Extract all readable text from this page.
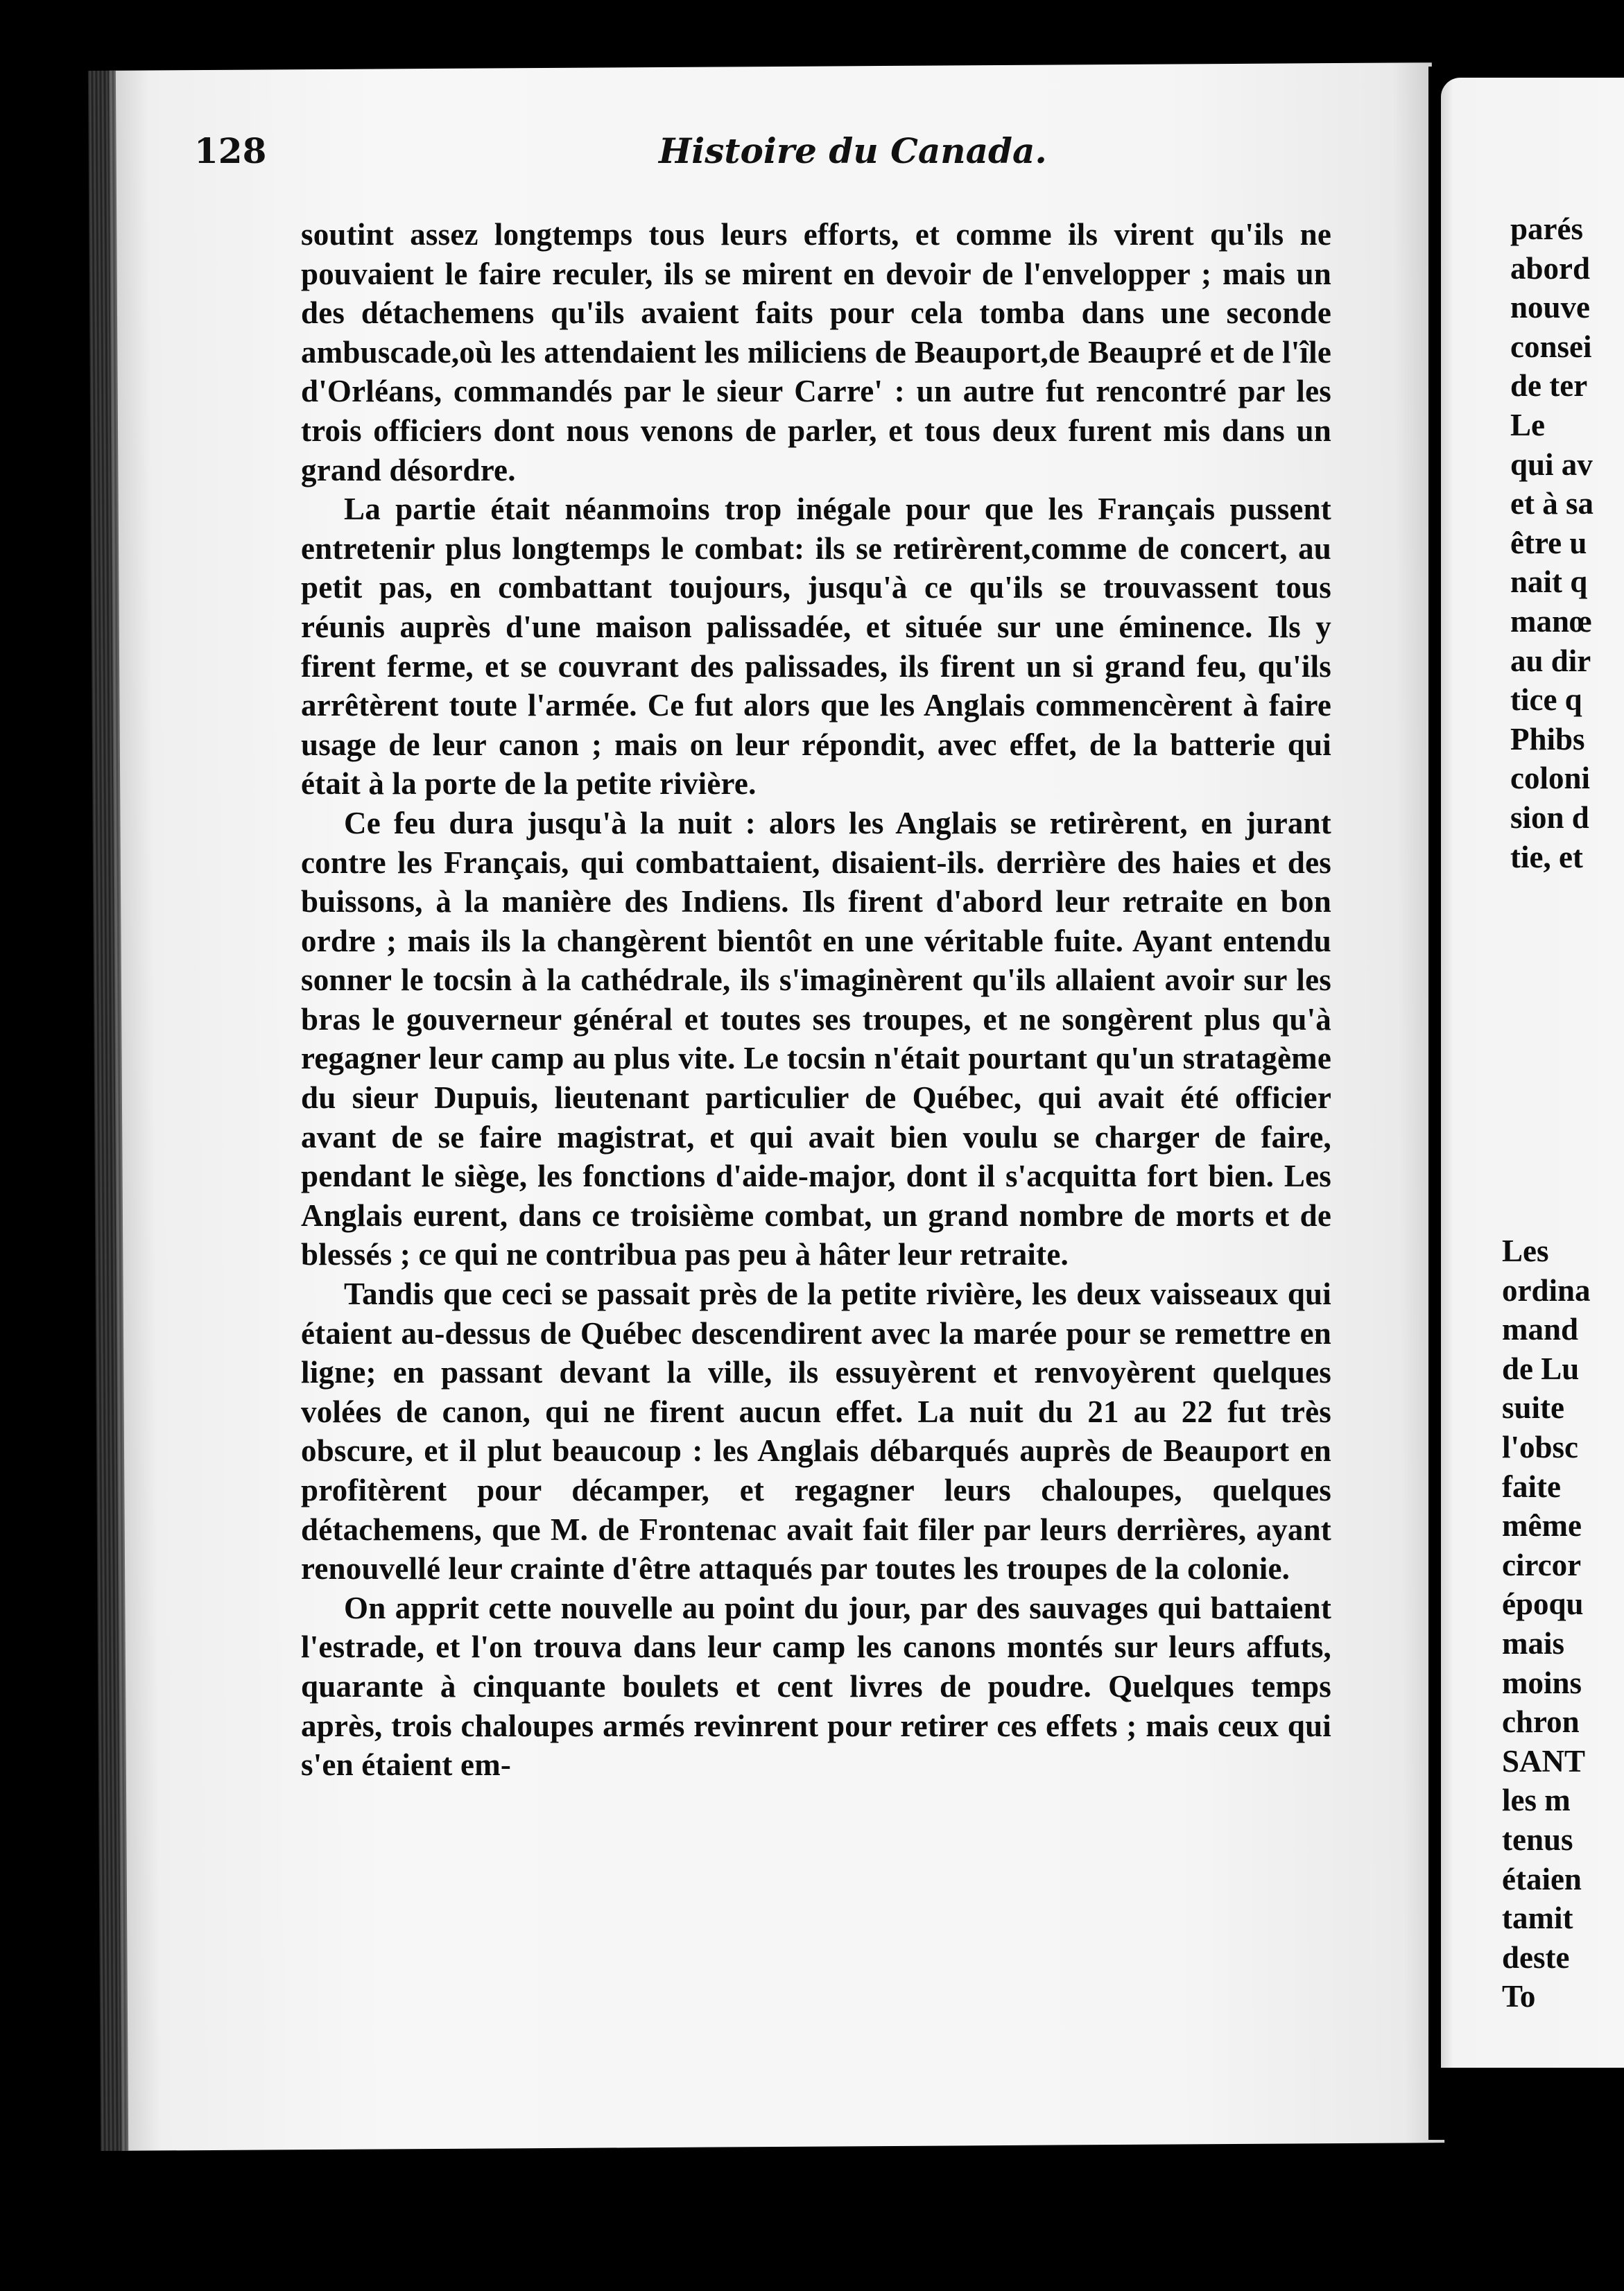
128	Histoire du Canada.

soutint assez longtemps tous leurs efforts, et comme ils virent qu'ils ne pouvaient le faire reculer, ils se mirent en devoir de l'envelopper ; mais un des détachemens qu'ils avaient faits pour cela tomba dans une seconde ambuscade,où les attendaient les miliciens de Beauport,de Beaupré et de l'île d'Orléans, commandés par le sieur Carre' : un autre fut rencontré par les trois officiers dont nous venons de parler, et tous deux furent mis dans un grand désordre.

La partie était néanmoins trop inégale pour que les Français pussent entretenir plus longtemps le combat: ils se retirèrent,comme de concert, au petit pas, en combattant toujours, jusqu'à ce qu'ils se trouvassent tous réunis auprès d'une maison palissadée, et située sur une éminence. Ils y firent ferme, et se couvrant des palissades, ils firent un si grand feu, qu'ils arrêtèrent toute l'armée. Ce fut alors que les Anglais commencèrent à faire usage de leur canon ; mais on leur répondit, avec effet, de la batterie qui était à la porte de la petite rivière.

Ce feu dura jusqu'à la nuit : alors les Anglais se retirèrent, en jurant contre les Français, qui combattaient, disaient-ils. derrière des haies et des buissons, à la manière des Indiens. Ils firent d'abord leur retraite en bon ordre ; mais ils la changèrent bientôt en une véritable fuite. Ayant entendu sonner le tocsin à la cathédrale, ils s'imaginèrent qu'ils allaient avoir sur les bras le gouverneur général et toutes ses troupes, et ne songèrent plus qu'à regagner leur camp au plus vite. Le tocsin n'était pourtant qu'un stratagème du sieur Dupuis, lieutenant particulier de Québec, qui avait été officier avant de se faire magistrat, et qui avait bien voulu se charger de faire, pendant le siège, les fonctions d'aide-major, dont il s'acquitta fort bien. Les Anglais eurent, dans ce troisième combat, un grand nombre de morts et de blessés ; ce qui ne contribua pas peu à hâter leur retraite.

Tandis que ceci se passait près de la petite rivière, les deux vaisseaux qui étaient au-dessus de Québec descendirent avec la marée pour se remettre en ligne; en passant devant la ville, ils essuyèrent et renvoyèrent quelques volées de canon, qui ne firent aucun effet. La nuit du 21 au 22 fut très obscure, et il plut beaucoup : les Anglais débarqués auprès de Beauport en profitèrent pour décamper, et regagner leurs chaloupes, quelques détachemens, que M. de Frontenac avait fait filer par leurs derrières, ayant renouvellé leur crainte d'être attaqués par toutes les troupes de la colonie.

On apprit cette nouvelle au point du jour, par des sauvages qui battaient l'estrade, et l'on trouva dans leur camp les canons montés sur leurs affuts, quarante à cinquante boulets et cent livres de poudre. Quelques temps après, trois chaloupes armés revinrent pour retirer ces effets ; mais ceux qui s'en étaient em-

parés
abord
nouve
consei
de ter
Le
qui av
et à sa
être u
nait q
manœ
au dir
tice q
Phibs
coloni
sion d
tie, et
Les
ordina
mand
de Lu
suite
l'obsc
faite
même
circor
époqu
mais
moins
chron
SANT
les m
tenus
étaien
tamit
deste
To
